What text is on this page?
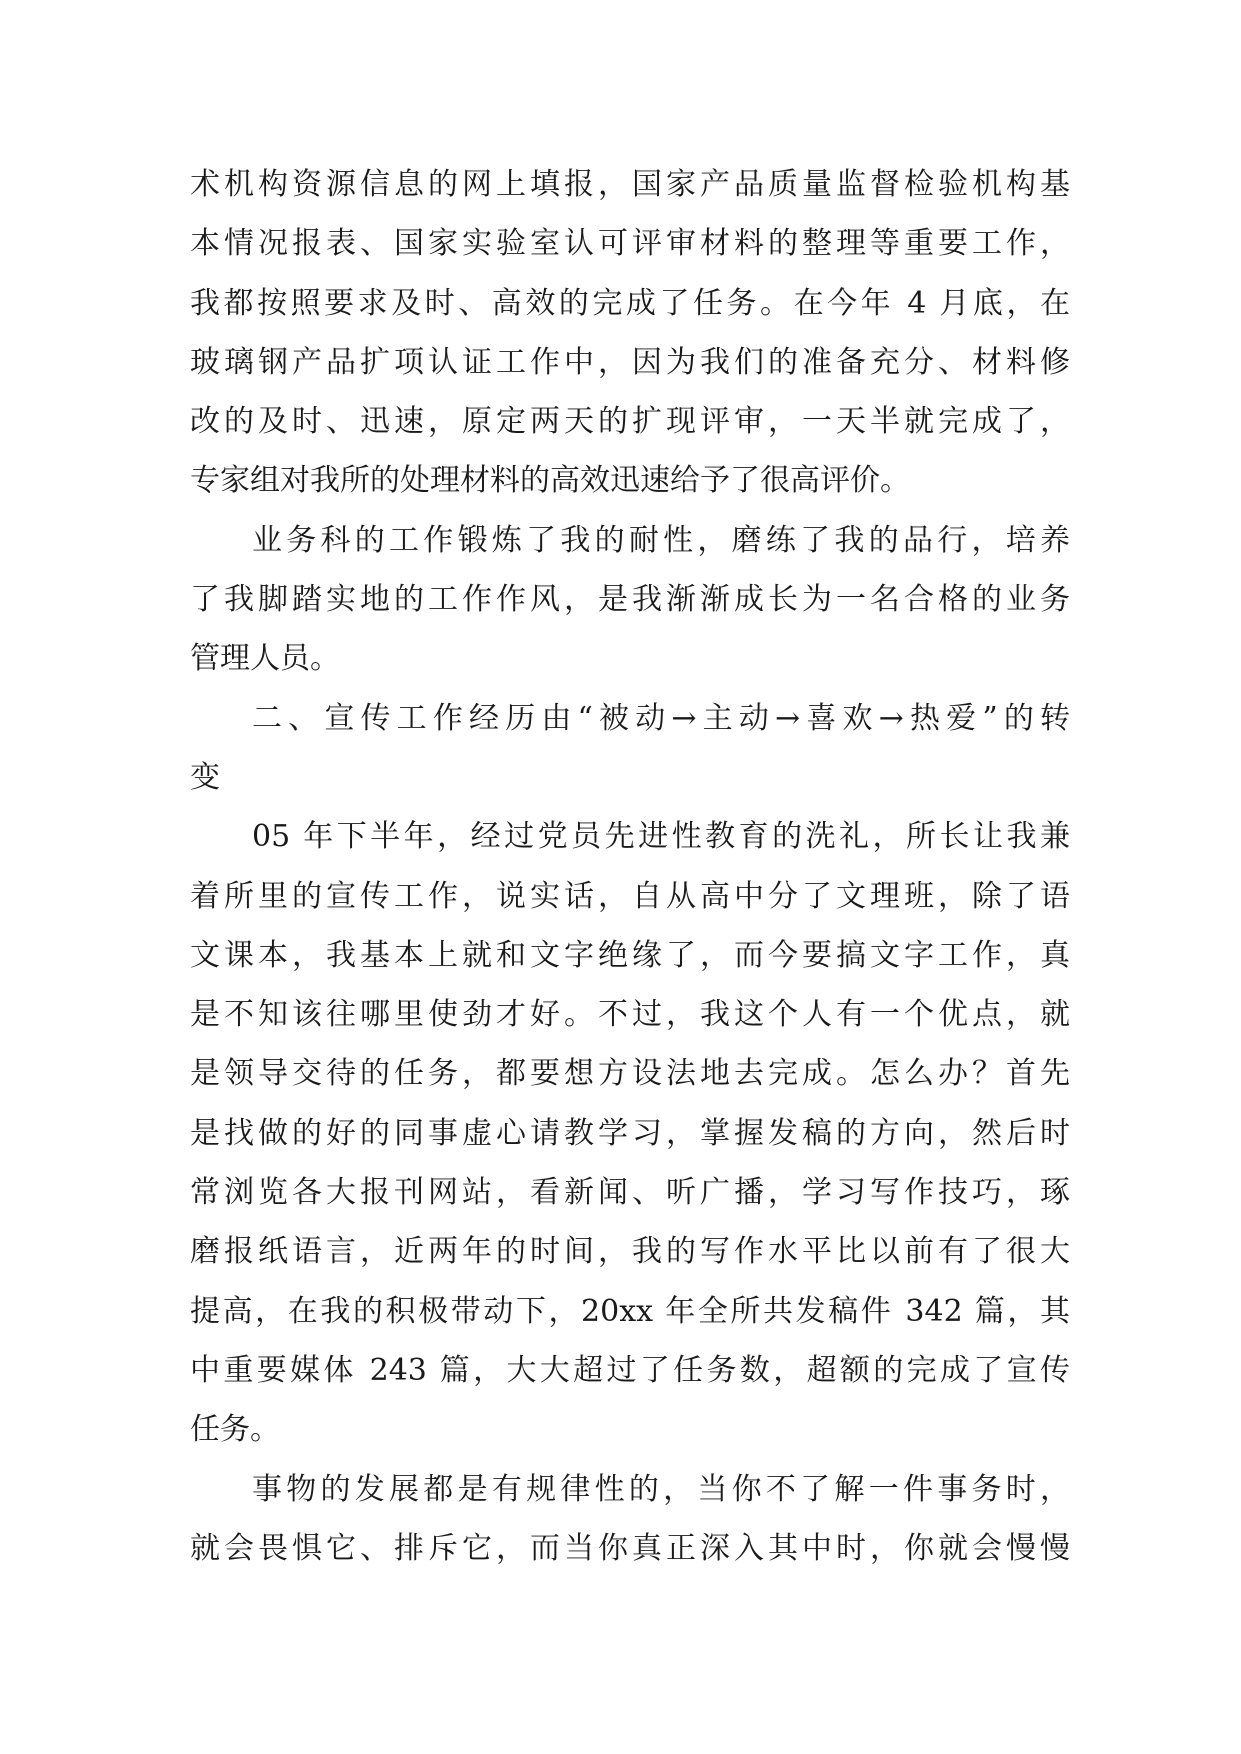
术机构资源信息的网上填报，国家产品质量监督检验机构基
本情况报表、国家实验室认可评审材料的整理等重要工作，
我都按照要求及时、高效的完成了任务。在今年 4 月底，在
玻璃钢产品扩项认证工作中，因为我们的准备充分、材料修
改的及时、迅速，原定两天的扩现评审，一天半就完成了，
专家组对我所的处理材料的高效迅速给予了很高评价。
业务科的工作锻炼了我的耐性，磨练了我的品行，培养
了我脚踏实地的工作作风，是我渐渐成长为一名合格的业务
管理人员。
二、宣传工作经历由“被动→主动→喜欢→热爱”的转
变
05 年下半年，经过党员先进性教育的洗礼，所长让我兼
着所里的宣传工作，说实话，自从高中分了文理班，除了语
文课本，我基本上就和文字绝缘了，而今要搞文字工作，真
是不知该往哪里使劲才好。不过，我这个人有一个优点，就
是领导交待的任务，都要想方设法地去完成。怎么办？首先
是找做的好的同事虚心请教学习，掌握发稿的方向，然后时
常浏览各大报刊网站，看新闻、听广播，学习写作技巧，琢
磨报纸语言，近两年的时间，我的写作水平比以前有了很大
提高，在我的积极带动下，20xx 年全所共发稿件 342 篇，其
中重要媒体 243 篇，大大超过了任务数，超额的完成了宣传
任务。
事物的发展都是有规律性的，当你不了解一件事务时，
就会畏惧它、排斥它，而当你真正深入其中时，你就会慢慢
